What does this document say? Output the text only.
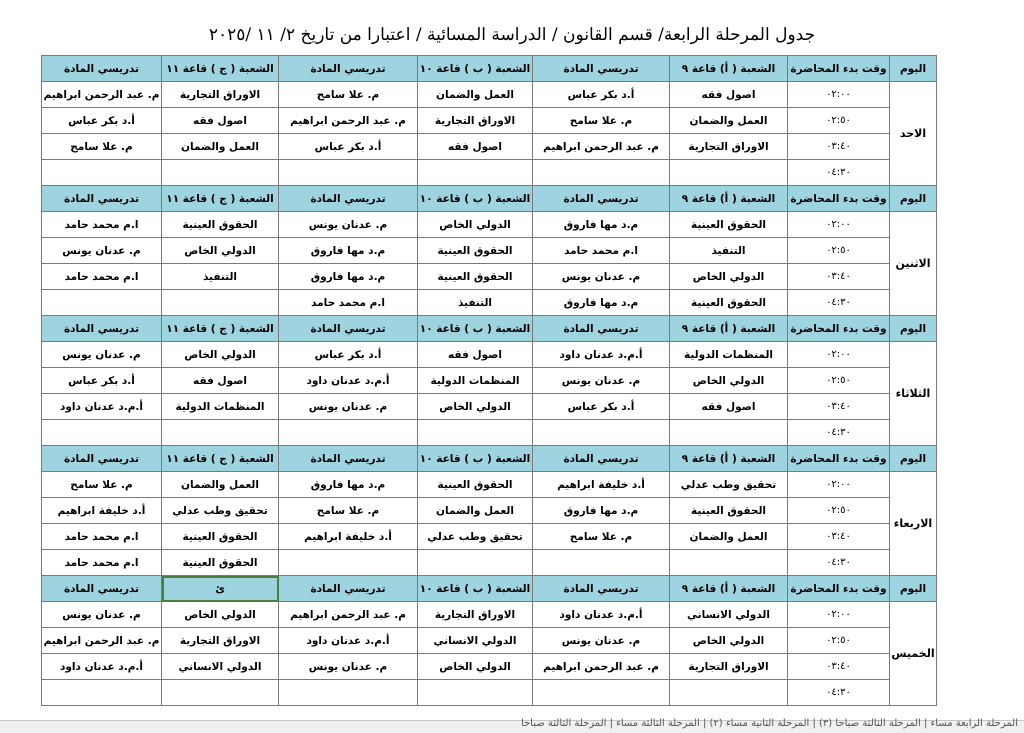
جدول المرحلة الرابعة/ قسم القانون / الدراسة المسائية / اعتبارا من تاريخ ٢/ ١١ /٢٠٢٥
اليوم	وقت بدء المحاضرة	الشعبة ( أ) قاعة ٩	تدريسي المادة	الشعبة ( ب ) قاعة ١٠	تدريسي المادة	الشعبة ( ج ) قاعة ١١	تدريسي المادة
الاحد	٠٢:٠٠	اصول فقه	أ.د بكر عباس	العمل والضمان	م. علا سامح	الاوراق التجارية	م. عبد الرحمن ابراهيم
	٠٢:٥٠	العمل والضمان	م. علا سامح	الاوراق التجارية	م. عبد الرحمن ابراهيم	اصول فقه	أ.د بكر عباس
	٠٣:٤٠	الاوراق التجارية	م. عبد الرحمن ابراهيم	اصول فقه	أ.د بكر عباس	العمل والضمان	م. علا سامح
	٠٤:٣٠						
اليوم	وقت بدء المحاضرة	الشعبة ( أ) قاعة ٩	تدريسي المادة	الشعبة ( ب ) قاعة ١٠	تدريسي المادة	الشعبة ( ج ) قاعة ١١	تدريسي المادة
الاثنين	٠٢:٠٠	الحقوق العينية	م.د مها فاروق	الدولي الخاص	م. عدنان يونس	الحقوق العينية	ا.م محمد حامد
	٠٢:٥٠	التنفيذ	ا.م محمد حامد	الحقوق العينية	م.د مها فاروق	الدولي الخاص	م. عدنان يونس
	٠٣:٤٠	الدولي الخاص	م. عدنان يونس	الحقوق العينية	م.د مها فاروق	التنفيذ	ا.م محمد حامد
	٠٤:٣٠	الحقوق العينية	م.د مها فاروق	التنفيذ	ا.م محمد حامد		
اليوم	وقت بدء المحاضرة	الشعبة ( أ) قاعة ٩	تدريسي المادة	الشعبة ( ب ) قاعة ١٠	تدريسي المادة	الشعبة ( ج ) قاعة ١١	تدريسي المادة
الثلاثاء	٠٢:٠٠	المنظمات الدولية	أ.م.د عدنان داود	اصول فقه	أ.د بكر عباس	الدولي الخاص	م. عدنان يونس
	٠٢:٥٠	الدولي الخاص	م. عدنان يونس	المنظمات الدولية	أ.م.د عدنان داود	اصول فقه	أ.د بكر عباس
	٠٣:٤٠	اصول فقه	أ.د بكر عباس	الدولي الخاص	م. عدنان يونس	المنظمات الدولية	أ.م.د عدنان داود
	٠٤:٣٠						
اليوم	وقت بدء المحاضرة	الشعبة ( أ) قاعة ٩	تدريسي المادة	الشعبة ( ب ) قاعة ١٠	تدريسي المادة	الشعبة ( ج ) قاعة ١١	تدريسي المادة
الاربعاء	٠٢:٠٠	تحقيق وطب عدلي	أ.د خليفة ابراهيم	الحقوق العينية	م.د مها فاروق	العمل والضمان	م. علا سامح
	٠٢:٥٠	الحقوق العينية	م.د مها فاروق	العمل والضمان	م. علا سامح	تحقيق وطب عدلي	أ.د خليفة ابراهيم
	٠٣:٤٠	العمل والضمان	م. علا سامح	تحقيق وطب عدلي	أ.د خليفة ابراهيم	الحقوق العينية	ا.م محمد حامد
	٠٤:٣٠					الحقوق العينية	ا.م محمد حامد
اليوم	وقت بدء المحاضرة	الشعبة ( أ) قاعة ٩	تدريسي المادة	الشعبة ( ب ) قاعة ١٠	تدريسي المادة	ئ	تدريسي المادة
الخميس	٠٢:٠٠	الدولي الانساني	أ.م.د عدنان داود	الاوراق التجارية	م. عبد الرحمن ابراهيم	الدولي الخاص	م. عدنان يونس
	٠٢:٥٠	الدولي الخاص	م. عدنان يونس	الدولي الانساني	أ.م.د عدنان داود	الاوراق التجارية	م. عبد الرحمن ابراهيم
	٠٣:٤٠	الاوراق التجارية	م. عبد الرحمن ابراهيم	الدولي الخاص	م. عدنان يونس	الدولي الانساني	أ.م.د عدنان داود
	٠٤:٣٠						
المرحلة الرابعة مساء | المرحلة الثالثة صباحا (٣) | المرحلة الثانية مساء (٢) | المرحلة الثالثة مساء | المرحلة الثالثة صباحا
